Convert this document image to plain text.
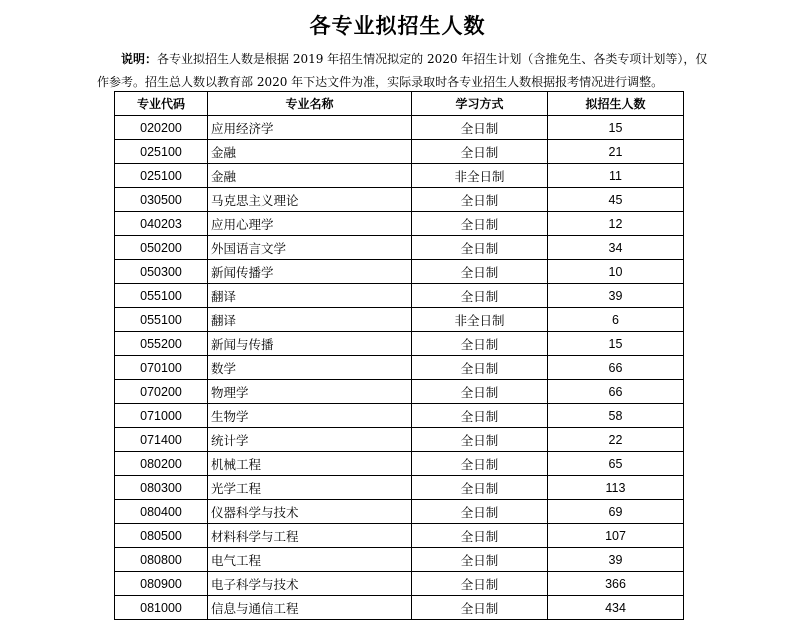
各专业拟招生人数
说明：各专业拟招生人数是根据 2019 年招生情况拟定的 2020 年招生计划（含推免生、各类专项计划等），仅
作参考。招生总人数以教育部 2020 年下达文件为准，实际录取时各专业招生人数根据报考情况进行调整。
专业代码	专业名称	学习方式	拟招生人数
020200	应用经济学	全日制	15
025100	金融	全日制	21
025100	金融	非全日制	11
030500	马克思主义理论	全日制	45
040203	应用心理学	全日制	12
050200	外国语言文学	全日制	34
050300	新闻传播学	全日制	10
055100	翻译	全日制	39
055100	翻译	非全日制	6
055200	新闻与传播	全日制	15
070100	数学	全日制	66
070200	物理学	全日制	66
071000	生物学	全日制	58
071400	统计学	全日制	22
080200	机械工程	全日制	65
080300	光学工程	全日制	113
080400	仪器科学与技术	全日制	69
080500	材料科学与工程	全日制	107
080800	电气工程	全日制	39
080900	电子科学与技术	全日制	366
081000	信息与通信工程	全日制	434
